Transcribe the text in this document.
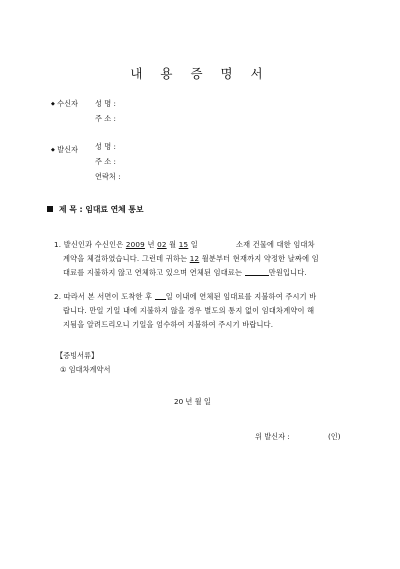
내 용 증 명 서
◆ 수신자 성 명 :
주 소 :
◆ 발신자 성 명 :
주 소 :
연락처 :
제 목 : 임대료 연체 통보
1. 발신인과 수신인은 2009 년 02 월 15 일	소재 건물에 대한 임대차
계약을 체결하였습니다. 그런데 귀하는 12 월분부터 현재까지 약정한 날짜에 임
대료를 지불하지 않고 연체하고 있으며 연체된 임대료는	만원입니다.
2. 따라서 본 서면이 도착한 후 일 이내에 연체된 임대료를 지불하여 주시기 바
랍니다. 만일 기일 내에 지불하지 않을 경우 별도의 통지 없이 임대차계약이 해
지됨을 알려드리오니 기일을 엄수하여 지불하여 주시기 바랍니다.
【증빙서류】
① 임대차계약서
20 년 월 일
위 발신자 :	(인)
